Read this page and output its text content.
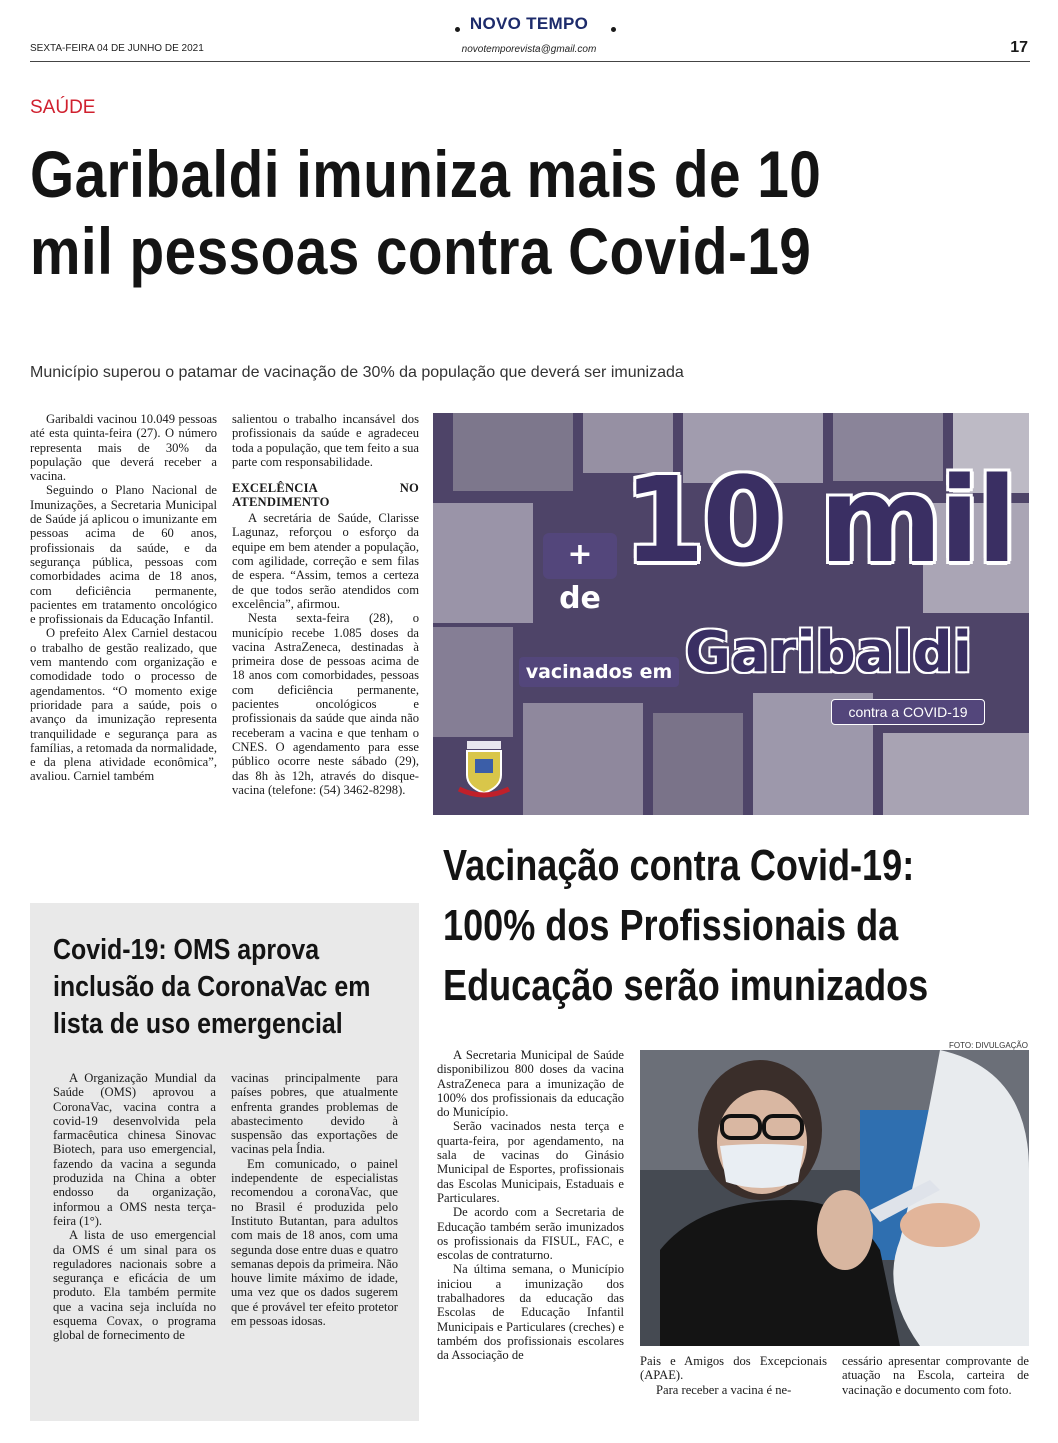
NOVO TEMPO
SEXTA-FEIRA 04 DE JUNHO DE 2021	novotemporevista@gmail.com	17
SAÚDE
Garibaldi imuniza mais de 10
mil pessoas contra Covid-19
Município superou o patamar de vacinação de 30% da população que deverá ser imunizada

Garibaldi vacinou 10.049 pessoas até esta quinta-feira (27). O número representa mais de 30% da população que deverá receber a vacina.

Seguindo o Plano Nacional de Imunizações, a Secretaria Municipal de Saúde já aplicou o imunizante em pessoas acima de 60 anos, profissionais da saúde, e da segurança pública, pessoas com comorbidades acima de 18 anos, com deficiência permanente, pacientes em tratamento oncológico e profissionais da Educação Infantil.

O prefeito Alex Carniel destacou o trabalho de gestão realizado, que vem mantendo com organização e comodidade todo o processo de agendamentos. “O momento exige prioridade para a saúde, pois o avanço da imunização representa tranquilidade e segurança para as famílias, a retomada da normalidade, e da plena atividade econômica”, avaliou. Carniel também

salientou o trabalho incansável dos profissionais da saúde e agradeceu toda a população, que tem feito a sua parte com responsabilidade.

EXCELÊNCIA NO ATENDIMENTO

A secretária de Saúde, Clarisse Lagunaz, reforçou o esforço da equipe em bem atender a população, com agilidade, correção e sem filas de espera. “Assim, temos a certeza de que todos serão atendidos com excelência”, afirmou.

Nesta sexta-feira (28), o município recebe 1.085 doses da vacina AstraZeneca, destinadas à primeira dose de pessoas acima de 18 anos com comorbidades, pessoas com deficiência permanente, pacientes oncológicos e profissionais da saúde que ainda não receberam a vacina e que tenham o CNES. O agendamento para esse público ocorre neste sábado (29), das 8h às 12h, através do disque-vacina (telefone: (54) 3462-8298).

+ de
10 mil
vacinados em Garibaldi
contra a COVID-19
Vacinação contra Covid-19:
100% dos Profissionais da
Educação serão imunizados
FOTO: DIVULGAÇÃO

A Secretaria Municipal de Saúde disponibilizou 800 doses da vacina AstraZeneca para a imunização de 100% dos profissionais da educação do Município.

Serão vacinados nesta terça e quarta-feira, por agendamento, na sala de vacinas do Ginásio Municipal de Esportes, profissionais das Escolas Municipais, Estaduais e Particulares.

De acordo com a Secretaria de Educação também serão imunizados os profissionais da FISUL, FAC, e escolas de contraturno.

Na última semana, o Município iniciou a imunização dos trabalhadores da educação das Escolas de Educação Infantil Municipais e Particulares (creches) e também dos profissionais escolares da Associação de	Pais e Amigos dos Excepcionais (APAE).

Para receber a vacina é ne-

cessário apresentar comprovante de atuação na Escola, carteira de vacinação e documento com foto.

Covid-19: OMS aprova
inclusão da CoronaVac em
lista de uso emergencial

A Organização Mundial da Saúde (OMS) aprovou a CoronaVac, vacina contra a covid-19 desenvolvida pela farmacêutica chinesa Sinovac Biotech, para uso emergencial, fazendo da vacina a segunda produzida na China a obter endosso da organização, informou a OMS nesta terça-feira (1°).

A lista de uso emergencial da OMS é um sinal para os reguladores nacionais sobre a segurança e eficácia de um produto. Ela também permite que a vacina seja incluída no esquema Covax, o programa global de fornecimento de

vacinas principalmente para países pobres, que atualmente enfrenta grandes problemas de abastecimento devido à suspensão das exportações de vacinas pela Índia.

Em comunicado, o painel independente de especialistas recomendou a coronaVac, que no Brasil é produzida pelo Instituto Butantan, para adultos com mais de 18 anos, com uma segunda dose entre duas e quatro semanas depois da primeira. Não houve limite máximo de idade, uma vez que os dados sugerem que é provável ter efeito protetor em pessoas idosas.
